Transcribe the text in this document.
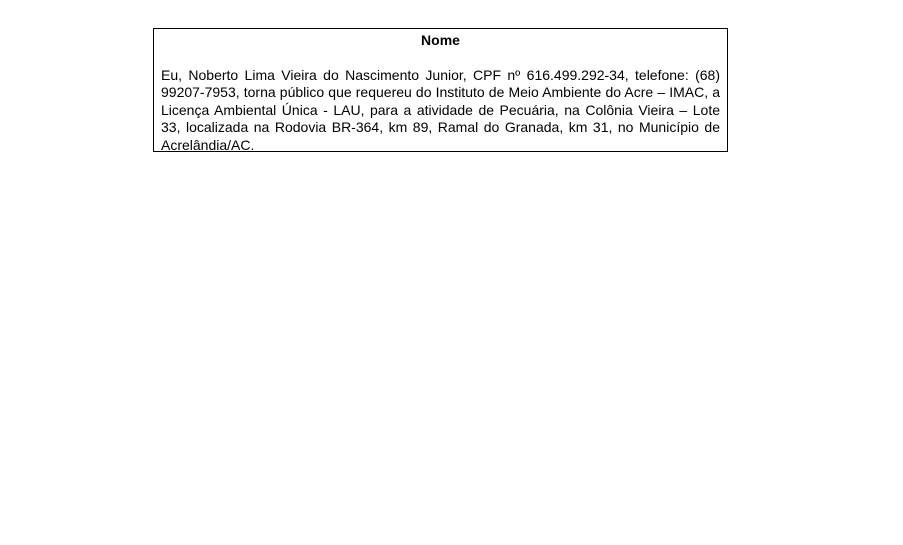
Nome

Eu, Noberto Lima Vieira do Nascimento Junior, CPF nº 616.499.292-34, telefone: (68) 99207-7953, torna público que requereu do Instituto de Meio Ambiente do Acre – IMAC, a Licença Ambiental Única - LAU, para a atividade de Pecuária, na Colônia Vieira – Lote 33, localizada na Rodovia BR-364, km 89, Ramal do Granada, km 31, no Município de Acrelândia/AC.
